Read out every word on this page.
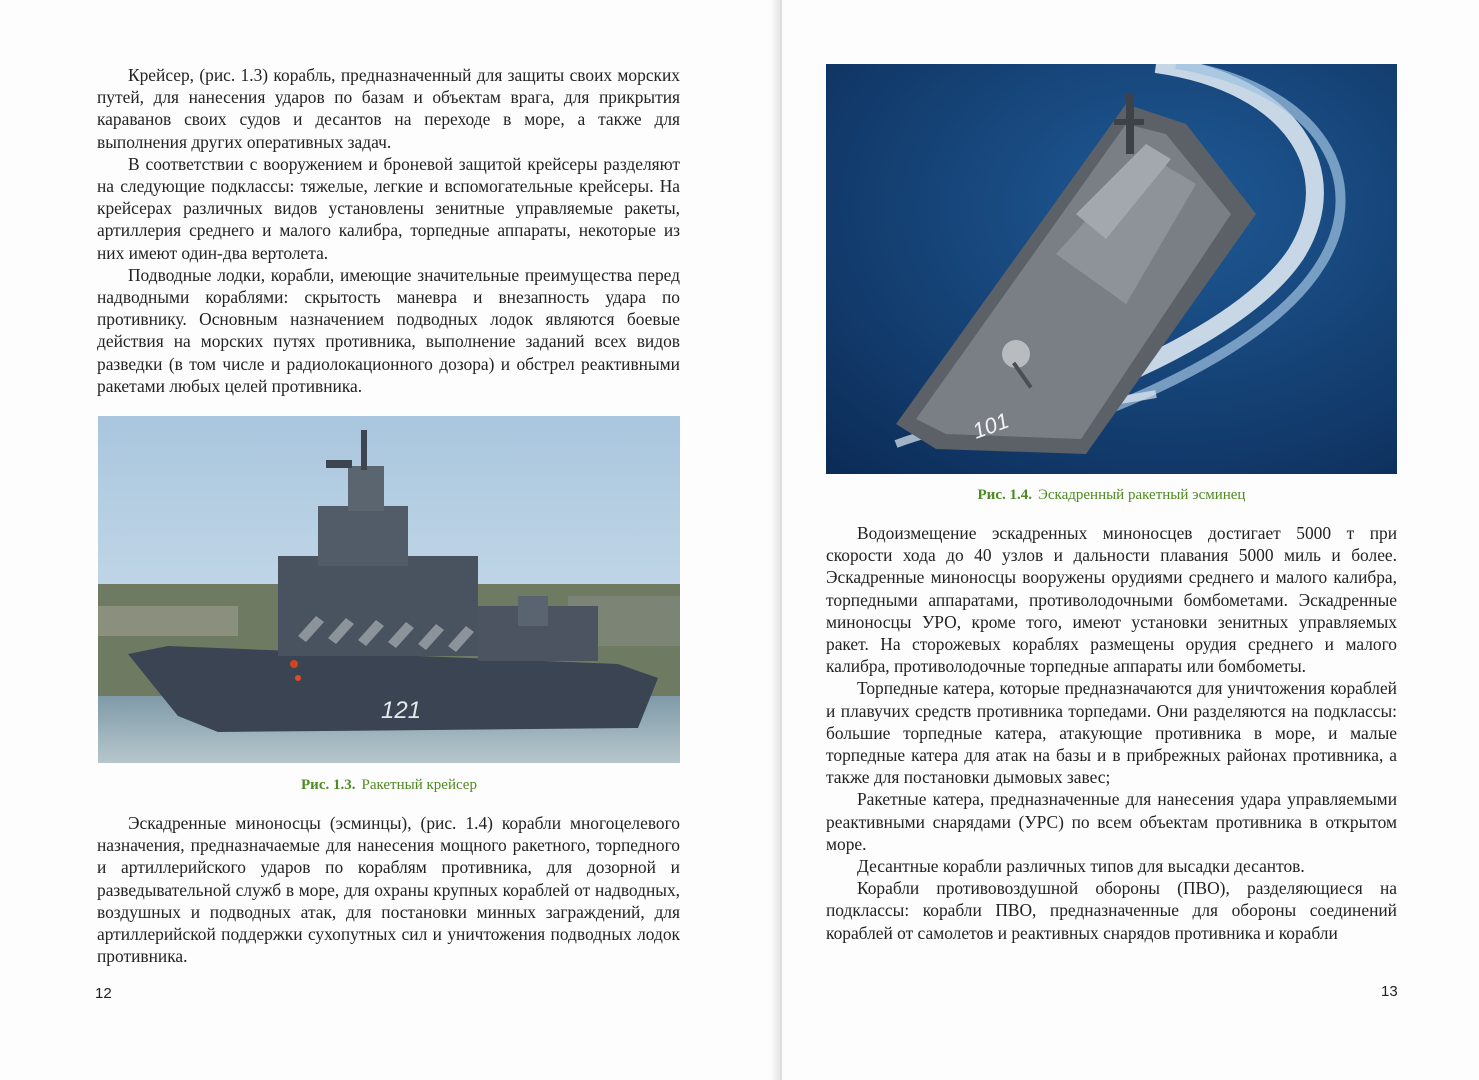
Крейсер, (рис. 1.3) корабль, предназначенный для защиты своих морских путей, для нанесения ударов по базам и объектам врага, для прикрытия караванов своих судов и десантов на переходе в море, а также для выполнения других оперативных задач.

В соответствии с вооружением и броневой защитой крейсеры разделяют на следующие подклассы: тяжелые, легкие и вспомогательные крейсеры. На крейсерах различных видов установлены зенитные управляемые ракеты, артиллерия среднего и малого калибра, торпедные аппараты, некоторые из них имеют один-два вертолета.

Подводные лодки, корабли, имеющие значительные преимущества перед надводными кораблями: скрытость маневра и внезапность удара по противнику. Основным назначением подводных лодок являются боевые действия на морских путях противника, выполнение заданий всех видов разведки (в том числе и радиолокационного дозора) и обстрел реактивными ракетами любых целей противника.

121
Рис. 1.3. Ракетный крейсер

Эскадренные миноносцы (эсминцы), (рис. 1.4) корабли многоцелевого назначения, предназначаемые для нанесения мощного ракетного, торпедного и артиллерийского ударов по кораблям противника, для дозорной и разведывательной служб в море, для охраны крупных кораблей от надводных, воздушных и подводных атак, для постановки минных заграждений, для артиллерийской поддержки сухопутных сил и уничтожения подводных лодок противника.

12	13
101
Рис. 1.4. Эскадренный ракетный эсминец

Водоизмещение эскадренных миноносцев достигает 5000 т при скорости хода до 40 узлов и дальности плавания 5000 миль и более. Эскадренные миноносцы вооружены орудиями среднего и малого калибра, торпедными аппаратами, противолодочными бомбометами. Эскадренные миноносцы УРО, кроме того, имеют установки зенитных управляемых ракет. На сторожевых кораблях размещены орудия среднего и малого калибра, противолодочные торпедные аппараты или бомбометы.

Торпедные катера, которые предназначаются для уничтожения кораблей и плавучих средств противника торпедами. Они разделяются на подклассы: большие торпедные катера, атакующие противника в море, и малые торпедные катера для атак на базы и в прибрежных районах противника, а также для постановки дымовых завес;

Ракетные катера, предназначенные для нанесения удара управляемыми реактивными снарядами (УРС) по всем объектам противника в открытом море.

Десантные корабли различных типов для высадки десантов.

Корабли противовоздушной обороны (ПВО), разделяющиеся на подклассы: корабли ПВО, предназначенные для обороны соединений кораблей от самолетов и реактивных снарядов противника и корабли
